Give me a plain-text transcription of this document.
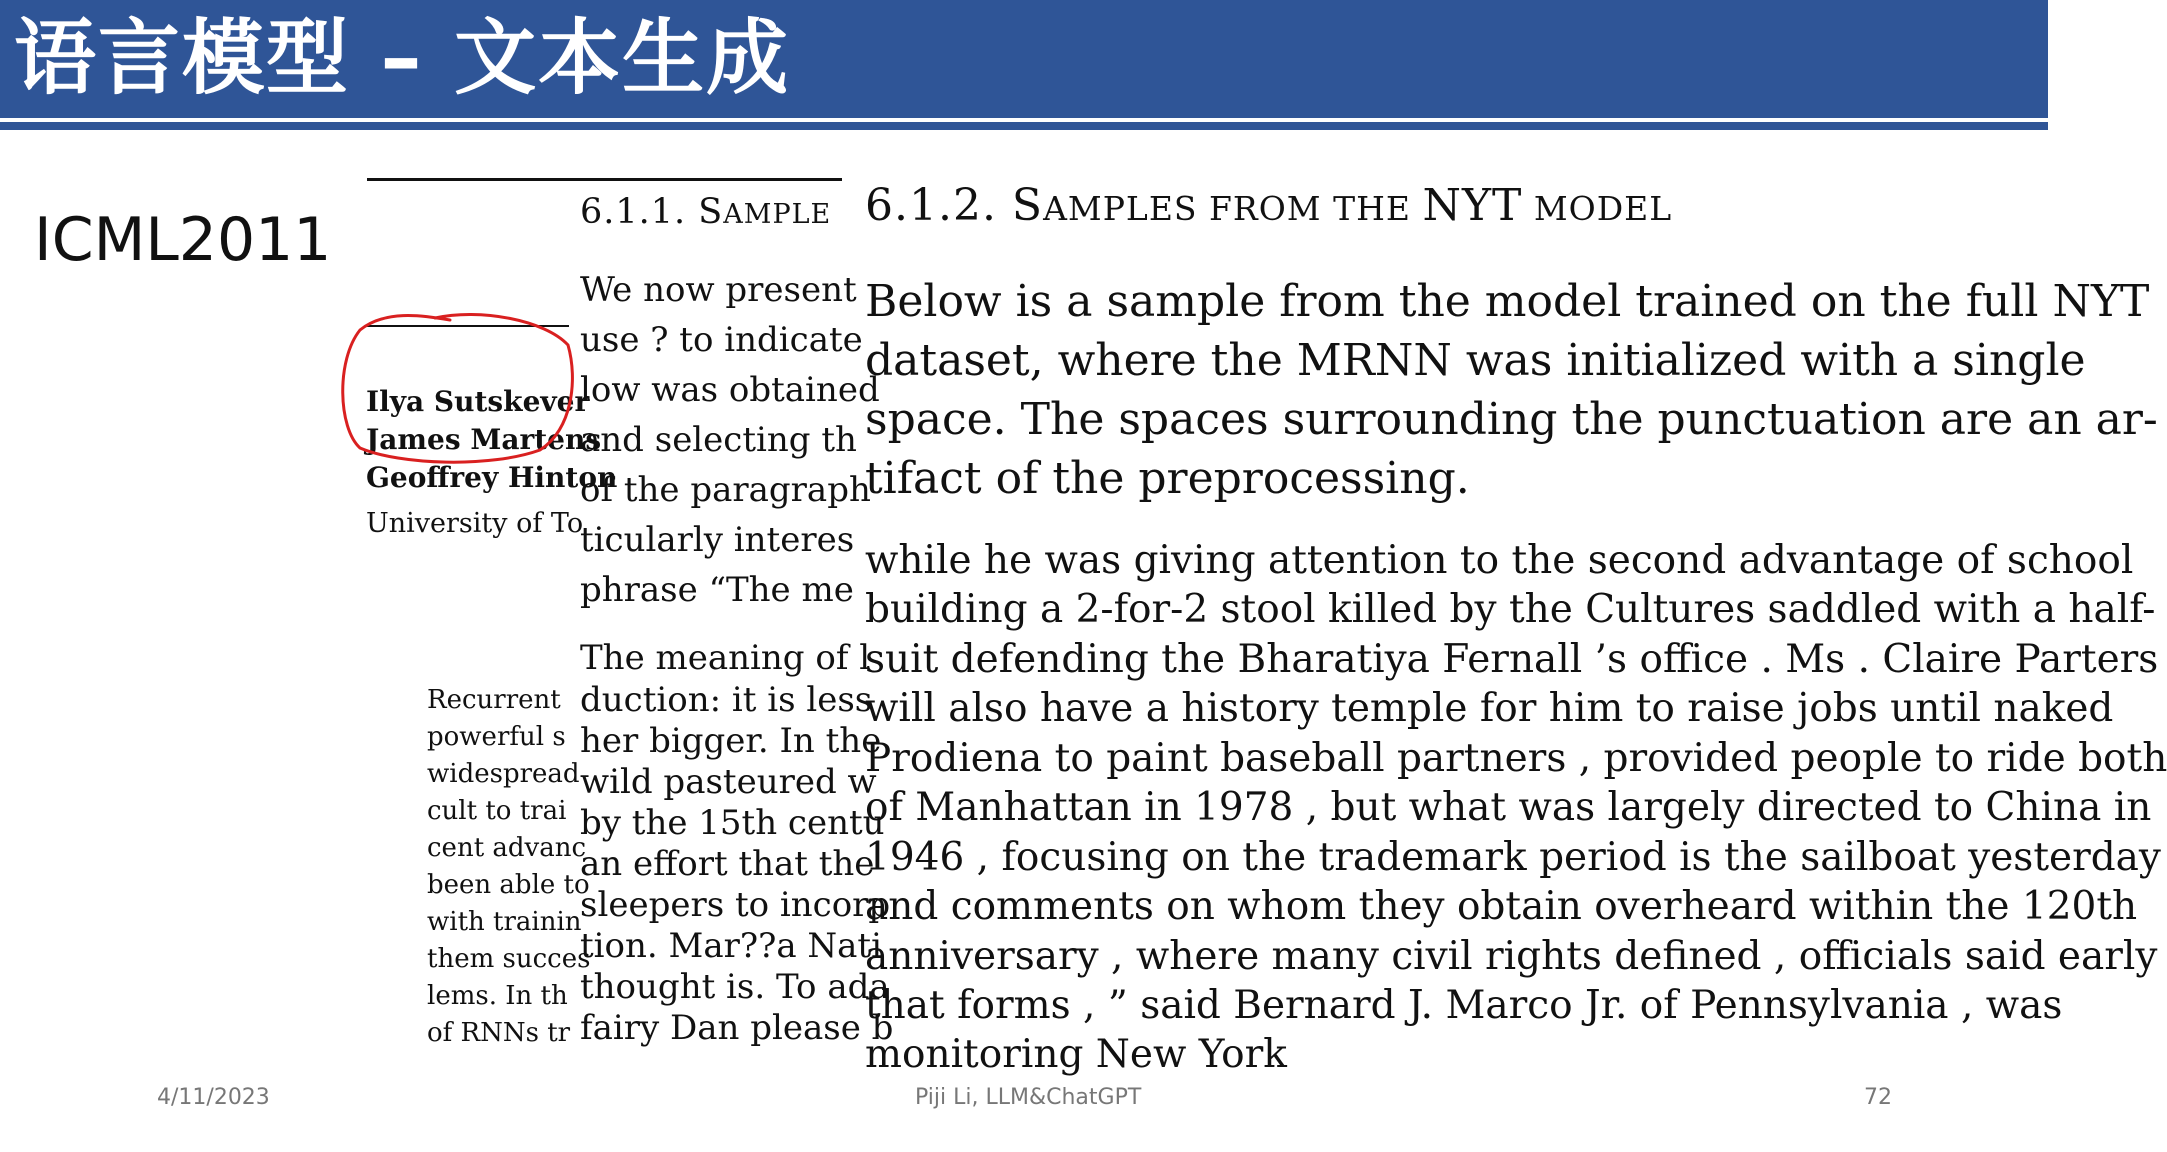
语言模型 – 文本生成
ICML2011
Ilya Sutskever
James Martens
Geoffrey Hinton
University of To
Recurrent
powerful s
widespread
cult to trai
cent advanc
been able to
with trainin
them succes
lems. In th
of RNNs tr
6.1.1. SAMPLE
We now present
use ? to indicate
low was obtained
and selecting th
of the paragraph
ticularly interes
phrase “The me
The meaning of l
duction: it is less
her bigger. In the
wild pasteured w
by the 15th centu
an effort that the
sleepers to incorp
tion. Mar??a Nati
thought is. To ada
fairy Dan please b
6.1.2. SAMPLES FROM THE NYT MODEL
Below is a sample from the model trained on the full NYT
dataset, where the MRNN was initialized with a single
space. The spaces surrounding the punctuation are an ar-
tifact of the preprocessing.
while he was giving attention to the second advantage of school
building a 2-for-2 stool killed by the Cultures saddled with a half-
suit defending the Bharatiya Fernall ’s office . Ms . Claire Parters
will also have a history temple for him to raise jobs until naked
Prodiena to paint baseball partners , provided people to ride both
of Manhattan in 1978 , but what was largely directed to China in
1946 , focusing on the trademark period is the sailboat yesterday
and comments on whom they obtain overheard within the 120th
anniversary , where many civil rights defined , officials said early
that forms , ” said Bernard J. Marco Jr. of Pennsylvania , was
monitoring New York
4/11/2023	Piji Li, LLM&ChatGPT	72
